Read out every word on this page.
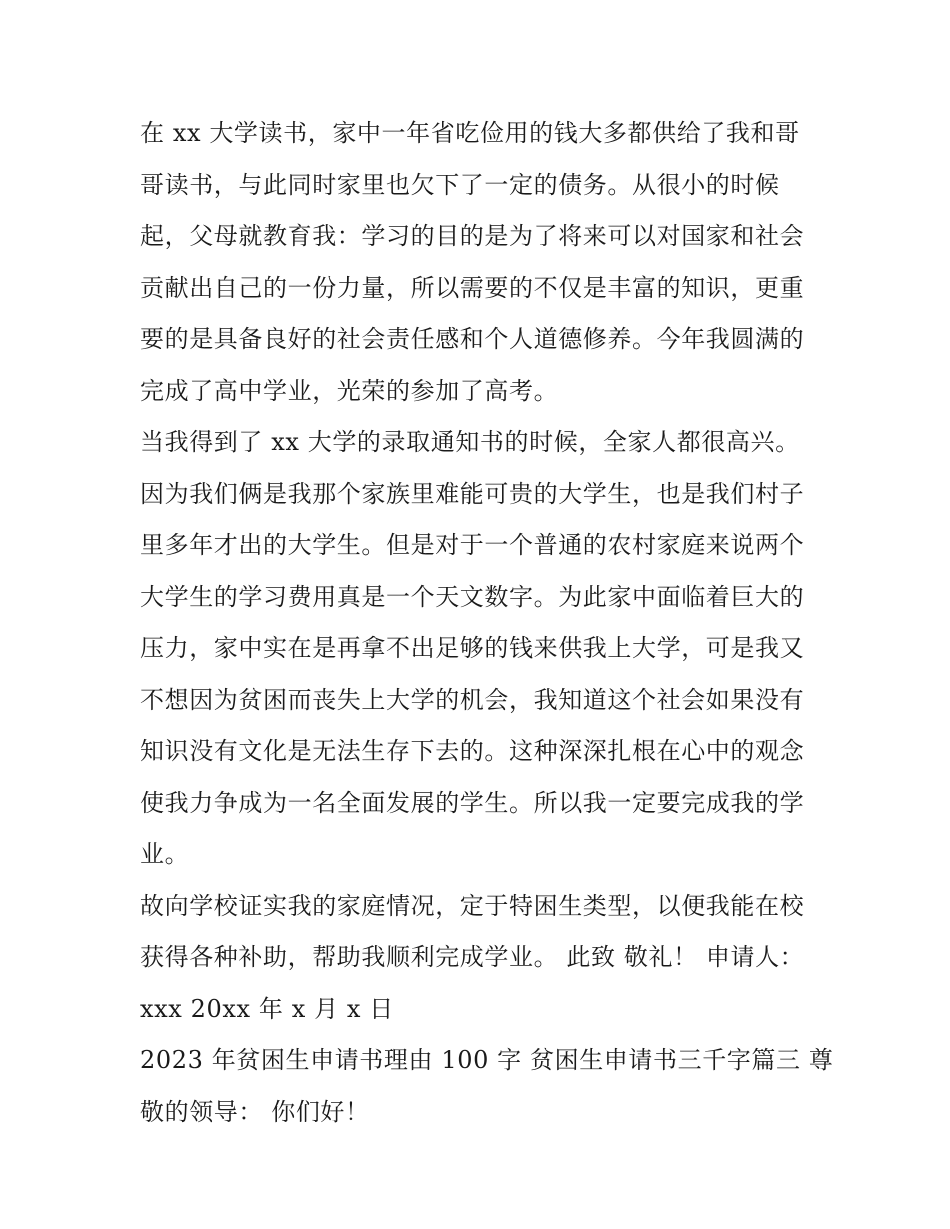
在 xx 大学读书，家中一年省吃俭用的钱大多都供给了我和哥
哥读书，与此同时家里也欠下了一定的债务。从很小的时候
起，父母就教育我：学习的目的是为了将来可以对国家和社会
贡献出自己的一份力量，所以需要的不仅是丰富的知识，更重
要的是具备良好的社会责任感和个人道德修养。今年我圆满的
完成了高中学业，光荣的参加了高考。
当我得到了 xx 大学的录取通知书的时候，全家人都很高兴。
因为我们俩是我那个家族里难能可贵的大学生，也是我们村子
里多年才出的大学生。但是对于一个普通的农村家庭来说两个
大学生的学习费用真是一个天文数字。为此家中面临着巨大的
压力，家中实在是再拿不出足够的钱来供我上大学，可是我又
不想因为贫困而丧失上大学的机会，我知道这个社会如果没有
知识没有文化是无法生存下去的。这种深深扎根在心中的观念
使我力争成为一名全面发展的学生。所以我一定要完成我的学
业。
故向学校证实我的家庭情况，定于特困生类型，以便我能在校
获得各种补助，帮助我顺利完成学业。 此致 敬礼！ 申请人：
xxx 20xx 年 x 月 x 日
2023 年贫困生申请书理由 100 字 贫困生申请书三千字篇三 尊
敬的领导： 你们好！
